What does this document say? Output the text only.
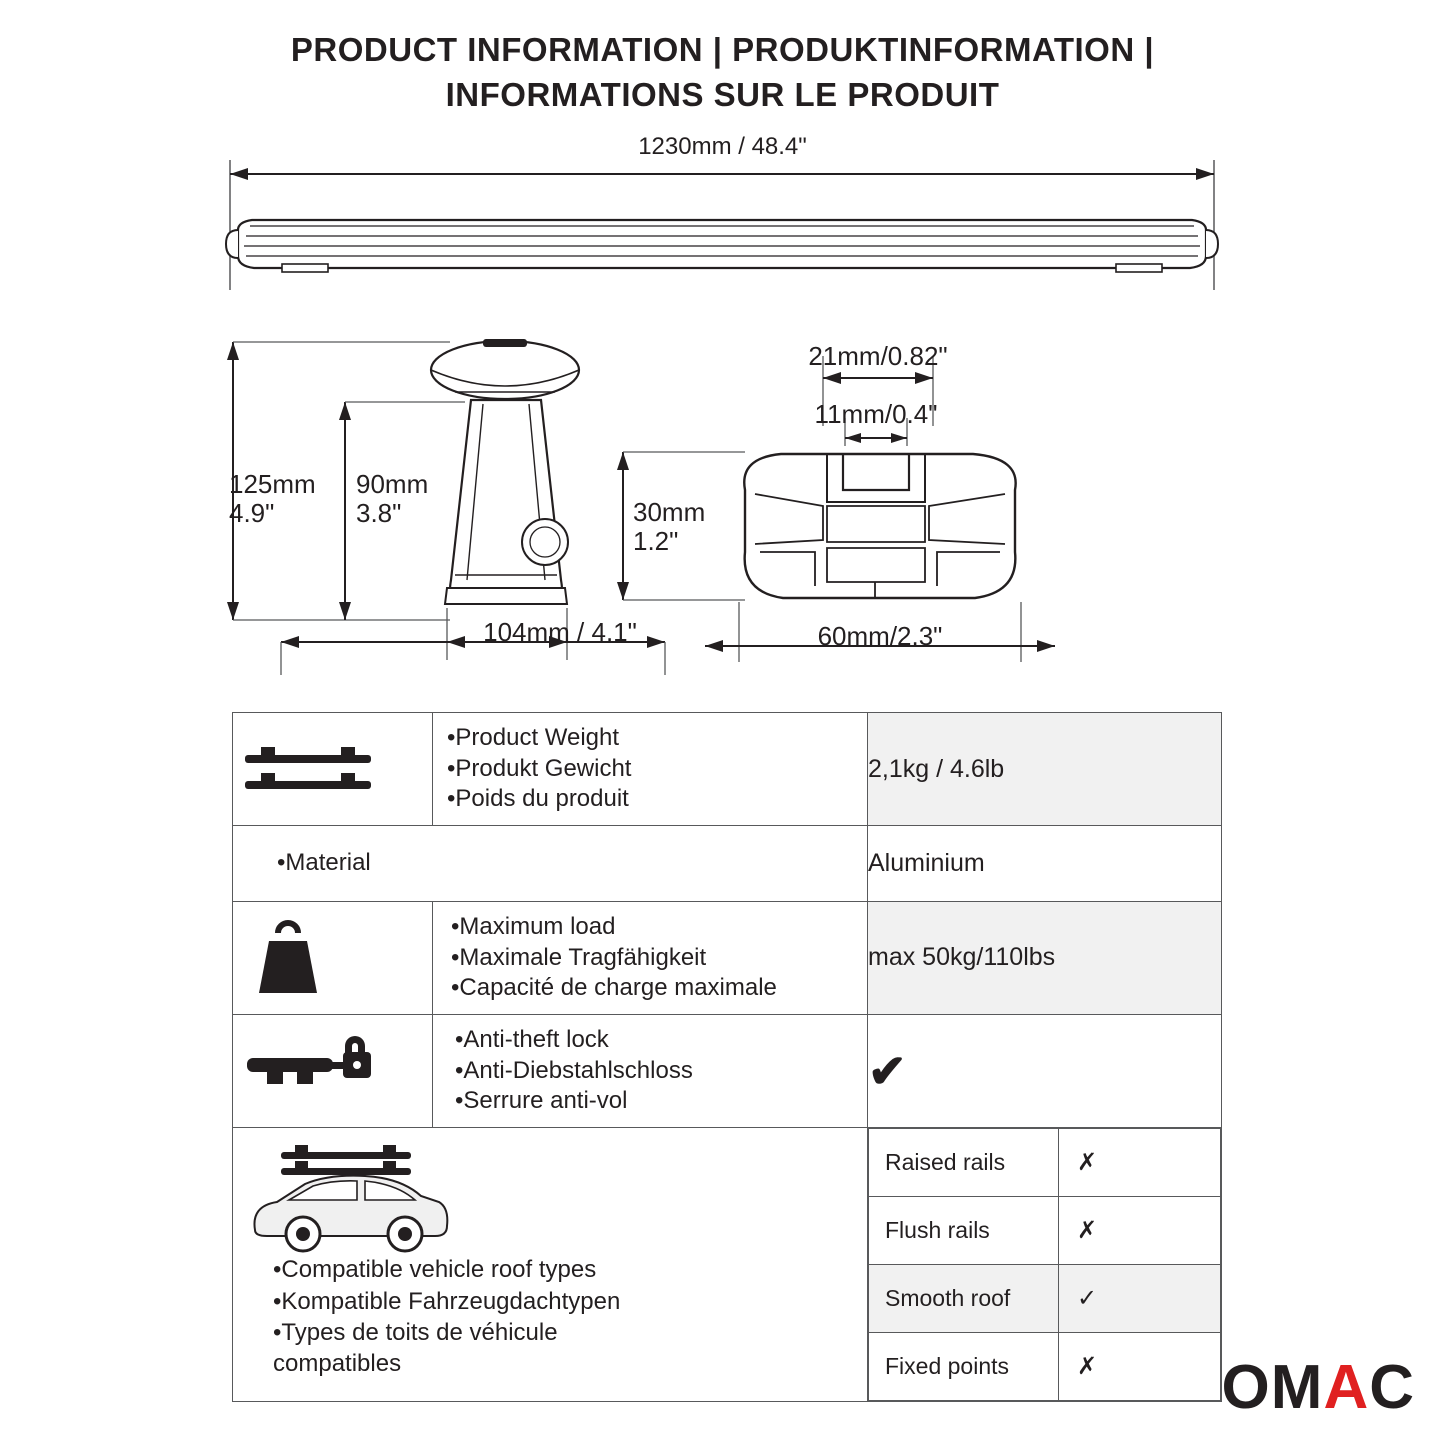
PRODUCT INFORMATION | PRODUKTINFORMATION |
INFORMATIONS SUR LE PRODUIT
1230mm / 48.4"
125mm
4.9"
90mm
3.8"
104mm / 4.1"
21mm/0.82"
11mm/0.4"
30mm
1.2"
60mm/2.3"

•Product Weight
•Produkt Gewicht
•Poids du produit
	2,1kg / 4.6lb

•Material	Aluminium

•Maximum load
•Maximale Tragfähigkeit
•Capacité de charge maximale
	max 50kg/110lbs

•Anti-theft lock
•Anti-Diebstahlschloss
•Serrure anti-vol
	✔

•Compatible vehicle roof types
•Kompatible Fahrzeugdachtypen
•Types de toits de véhicule
compatibles

Raised rails	✗
Flush rails	✗
Smooth roof	✓
Fixed points	✗ O M A C
